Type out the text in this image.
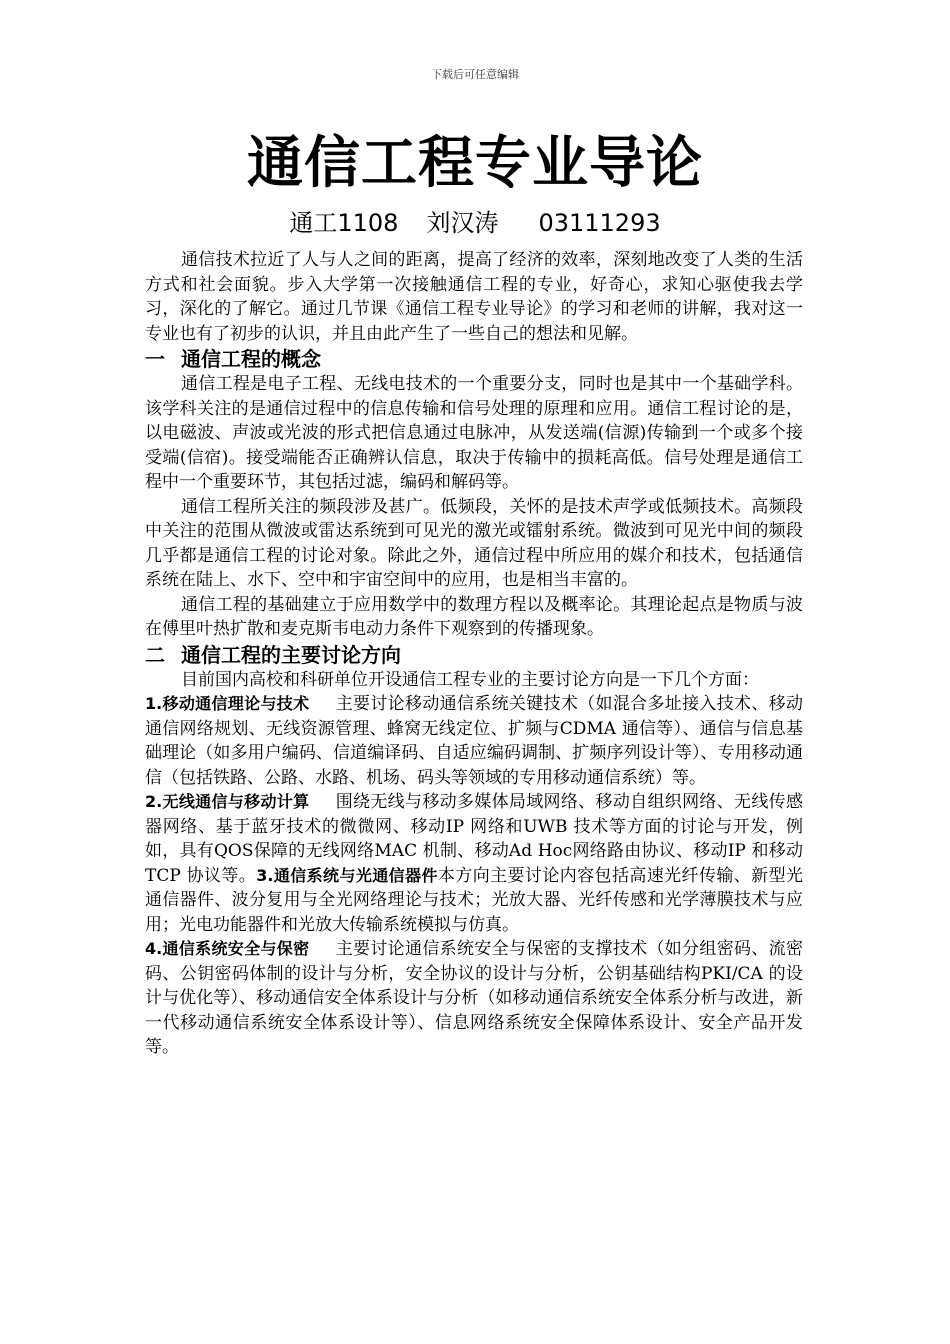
下载后可任意编辑
通信工程专业导论
通工1108 刘汉涛 03111293

通信技术拉近了人与人之间的距离，提高了经济的效率，深刻地改变了人类的生活方式和社会面貌。步入大学第一次接触通信工程的专业，好奇心，求知心驱使我去学习，深化的了解它。通过几节课《通信工程专业导论》的学习和老师的讲解，我对这一专业也有了初步的认识，并且由此产生了一些自己的想法和见解。

一 通信工程的概念

通信工程是电子工程、无线电技术的一个重要分支，同时也是其中一个基础学科。该学科关注的是通信过程中的信息传输和信号处理的原理和应用。通信工程讨论的是，以电磁波、声波或光波的形式把信息通过电脉冲，从发送端(信源)传输到一个或多个接受端(信宿)。接受端能否正确辨认信息，取决于传输中的损耗高低。信号处理是通信工程中一个重要环节，其包括过滤，编码和解码等。

通信工程所关注的频段涉及甚广。低频段，关怀的是技术声学或低频技术。高频段中关注的范围从微波或雷达系统到可见光的激光或镭射系统。微波到可见光中间的频段几乎都是通信工程的讨论对象。除此之外，通信过程中所应用的媒介和技术，包括通信系统在陆上、水下、空中和宇宙空间中的应用，也是相当丰富的。

通信工程的基础建立于应用数学中的数理方程以及概率论。其理论起点是物质与波在傅里叶热扩散和麦克斯韦电动力条件下观察到的传播现象。

二 通信工程的主要讨论方向

目前国内高校和科研单位开设通信工程专业的主要讨论方向是一下几个方面：

1.移动通信理论与技术 主要讨论移动通信系统关键技术（如混合多址接入技术、移动通信网络规划、无线资源管理、蜂窝无线定位、扩频与CDMA 通信等）、通信与信息基础理论（如多用户编码、信道编译码、自适应编码调制、扩频序列设计等）、专用移动通信（包括铁路、公路、水路、机场、码头等领域的专用移动通信系统）等。

2.无线通信与移动计算 围绕无线与移动多媒体局域网络、移动自组织网络、无线传感器网络、基于蓝牙技术的微微网、移动IP 网络和UWB 技术等方面的讨论与开发，例如，具有QOS保障的无线网络MAC 机制、移动Ad Hoc网络路由协议、移动IP 和移动TCP 协议等。3.通信系统与光通信器件本方向主要讨论内容包括高速光纤传输、新型光通信器件、波分复用与全光网络理论与技术；光放大器、光纤传感和光学薄膜技术与应用；光电功能器件和光放大传输系统模拟与仿真。

4.通信系统安全与保密 主要讨论通信系统安全与保密的支撑技术（如分组密码、流密码、公钥密码体制的设计与分析，安全协议的设计与分析，公钥基础结构PKI/CA 的设计与优化等）、移动通信安全体系设计与分析（如移动通信系统安全体系分析与改进，新一代移动通信系统安全体系设计等）、信息网络系统安全保障体系设计、安全产品开发等。
